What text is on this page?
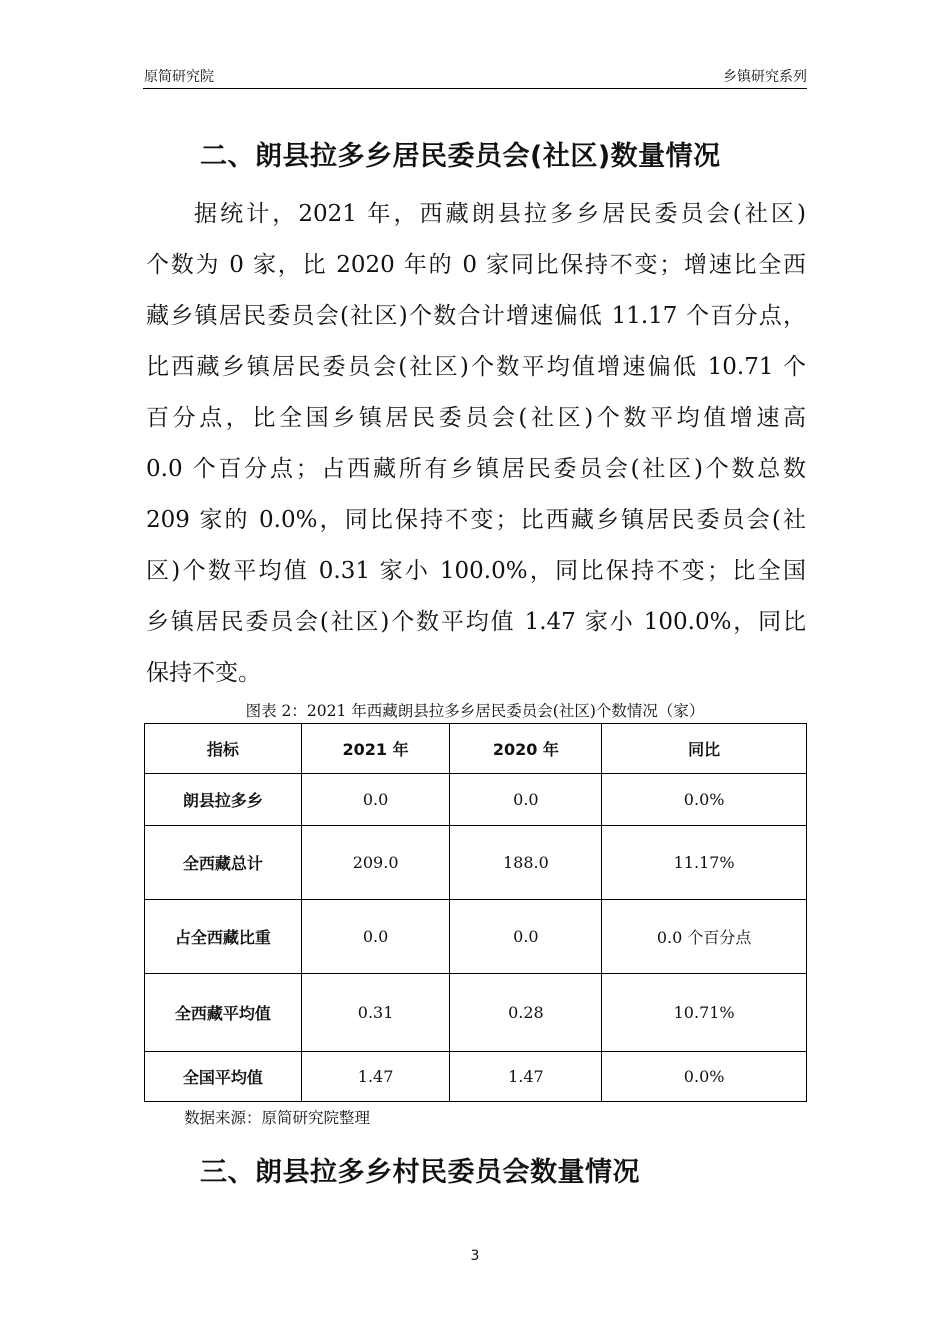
原简研究院	乡镇研究系列
二、朗县拉多乡居民委员会(社区)数量情况
据统计，2021 年，西藏朗县拉多乡居民委员会(社区)
个数为 0 家，比 2020 年的 0 家同比保持不变；增速比全西
藏乡镇居民委员会(社区)个数合计增速偏低 11.17 个百分点，
比西藏乡镇居民委员会(社区)个数平均值增速偏低 10.71 个
百分点，比全国乡镇居民委员会(社区)个数平均值增速高
0.0 个百分点；占西藏所有乡镇居民委员会(社区)个数总数
209 家的 0.0%，同比保持不变；比西藏乡镇居民委员会(社
区)个数平均值 0.31 家小 100.0%，同比保持不变；比全国
乡镇居民委员会(社区)个数平均值 1.47 家小 100.0%，同比
保持不变。
图表 2：2021 年西藏朗县拉多乡居民委员会(社区)个数情况（家）
指标	2021 年	2020 年	同比
朗县拉多乡	0.0	0.0	0.0%
全西藏总计	209.0	188.0	11.17%
占全西藏比重	0.0	0.0	0.0 个百分点
全西藏平均值	0.31	0.28	10.71%
全国平均值	1.47	1.47	0.0%
数据来源：原简研究院整理
三、朗县拉多乡村民委员会数量情况
3
